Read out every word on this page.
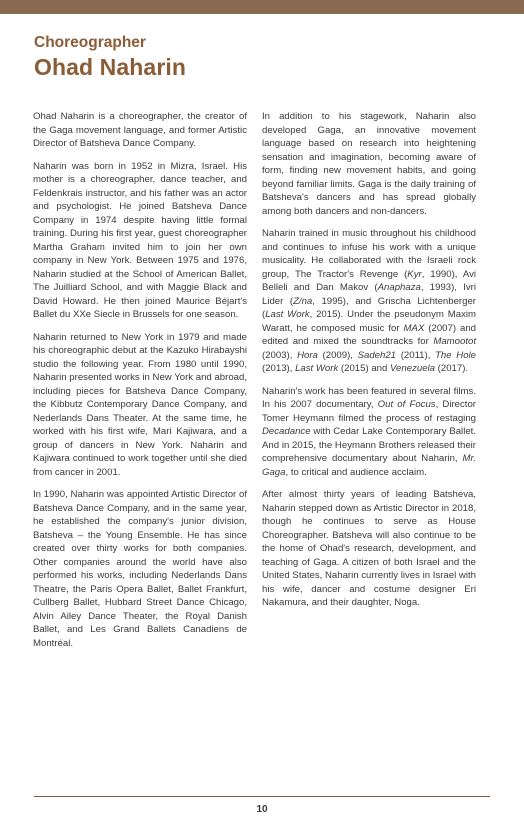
Choreographer
Ohad Naharin

Ohad Naharin is a choreographer, the creator of the Gaga movement language, and former Artistic Director of Batsheva Dance Company.

Naharin was born in 1952 in Mizra, Israel. His mother is a choreographer, dance teacher, and Feldenkrais instructor, and his father was an actor and psychologist. He joined Batsheva Dance Company in 1974 despite having little formal training. During his first year, guest choreographer Martha Graham invited him to join her own company in New York. Between 1975 and 1976, Naharin studied at the School of American Ballet, The Juilliard School, and with Maggie Black and David Howard. He then joined Maurice Béjart's Ballet du XXe Siecle in Brussels for one season.

Naharin returned to New York in 1979 and made his choreographic debut at the Kazuko Hirabayshi studio the following year. From 1980 until 1990, Naharin presented works in New York and abroad, including pieces for Batsheva Dance Company, the Kibbutz Contemporary Dance Company, and Nederlands Dans Theater. At the same time, he worked with his first wife, Mari Kajiwara, and a group of dancers in New York. Naharin and Kajiwara continued to work together until she died from cancer in 2001.

In 1990, Naharin was appointed Artistic Director of Batsheva Dance Company, and in the same year, he established the company's junior division, Batsheva – the Young Ensemble. He has since created over thirty works for both companies. Other companies around the world have also performed his works, including Nederlands Dans Theatre, the Paris Opera Ballet, Ballet Frankfurt, Cullberg Ballet, Hubbard Street Dance Chicago, Alvin Ailey Dance Theater, the Royal Danish Ballet, and Les Grand Ballets Canadiens de Montréal.

In addition to his stagework, Naharin also developed Gaga, an innovative movement language based on research into heightening sensation and imagination, becoming aware of form, finding new movement habits, and going beyond familiar limits. Gaga is the daily training of Batsheva's dancers and has spread globally among both dancers and non-dancers.

Naharin trained in music throughout his childhood and continues to infuse his work with a unique musicality. He collaborated with the Israeli rock group, The Tractor's Revenge (Kyr, 1990), Avi Belleli and Dan Makov (Anaphaza, 1993), Ivri Lider (Z/na, 1995), and Grischa Lichtenberger (Last Work, 2015). Under the pseudonym Maxim Waratt, he composed music for MAX (2007) and edited and mixed the soundtracks for Mamootot (2003), Hora (2009), Sadeh21 (2011), The Hole (2013), Last Work (2015) and Venezuela (2017).

Naharin's work has been featured in several films. In his 2007 documentary, Out of Focus, Director Tomer Heymann filmed the process of restaging Decadance with Cedar Lake Contemporary Ballet. And in 2015, the Heymann Brothers released their comprehensive documentary about Naharin, Mr. Gaga, to critical and audience acclaim.

After almost thirty years of leading Batsheva, Naharin stepped down as Artistic Director in 2018, though he continues to serve as House Choreographer. Batsheva will also continue to be the home of Ohad's research, development, and teaching of Gaga. A citizen of both Israel and the United States, Naharin currently lives in Israel with his wife, dancer and costume designer Eri Nakamura, and their daughter, Noga.

10
